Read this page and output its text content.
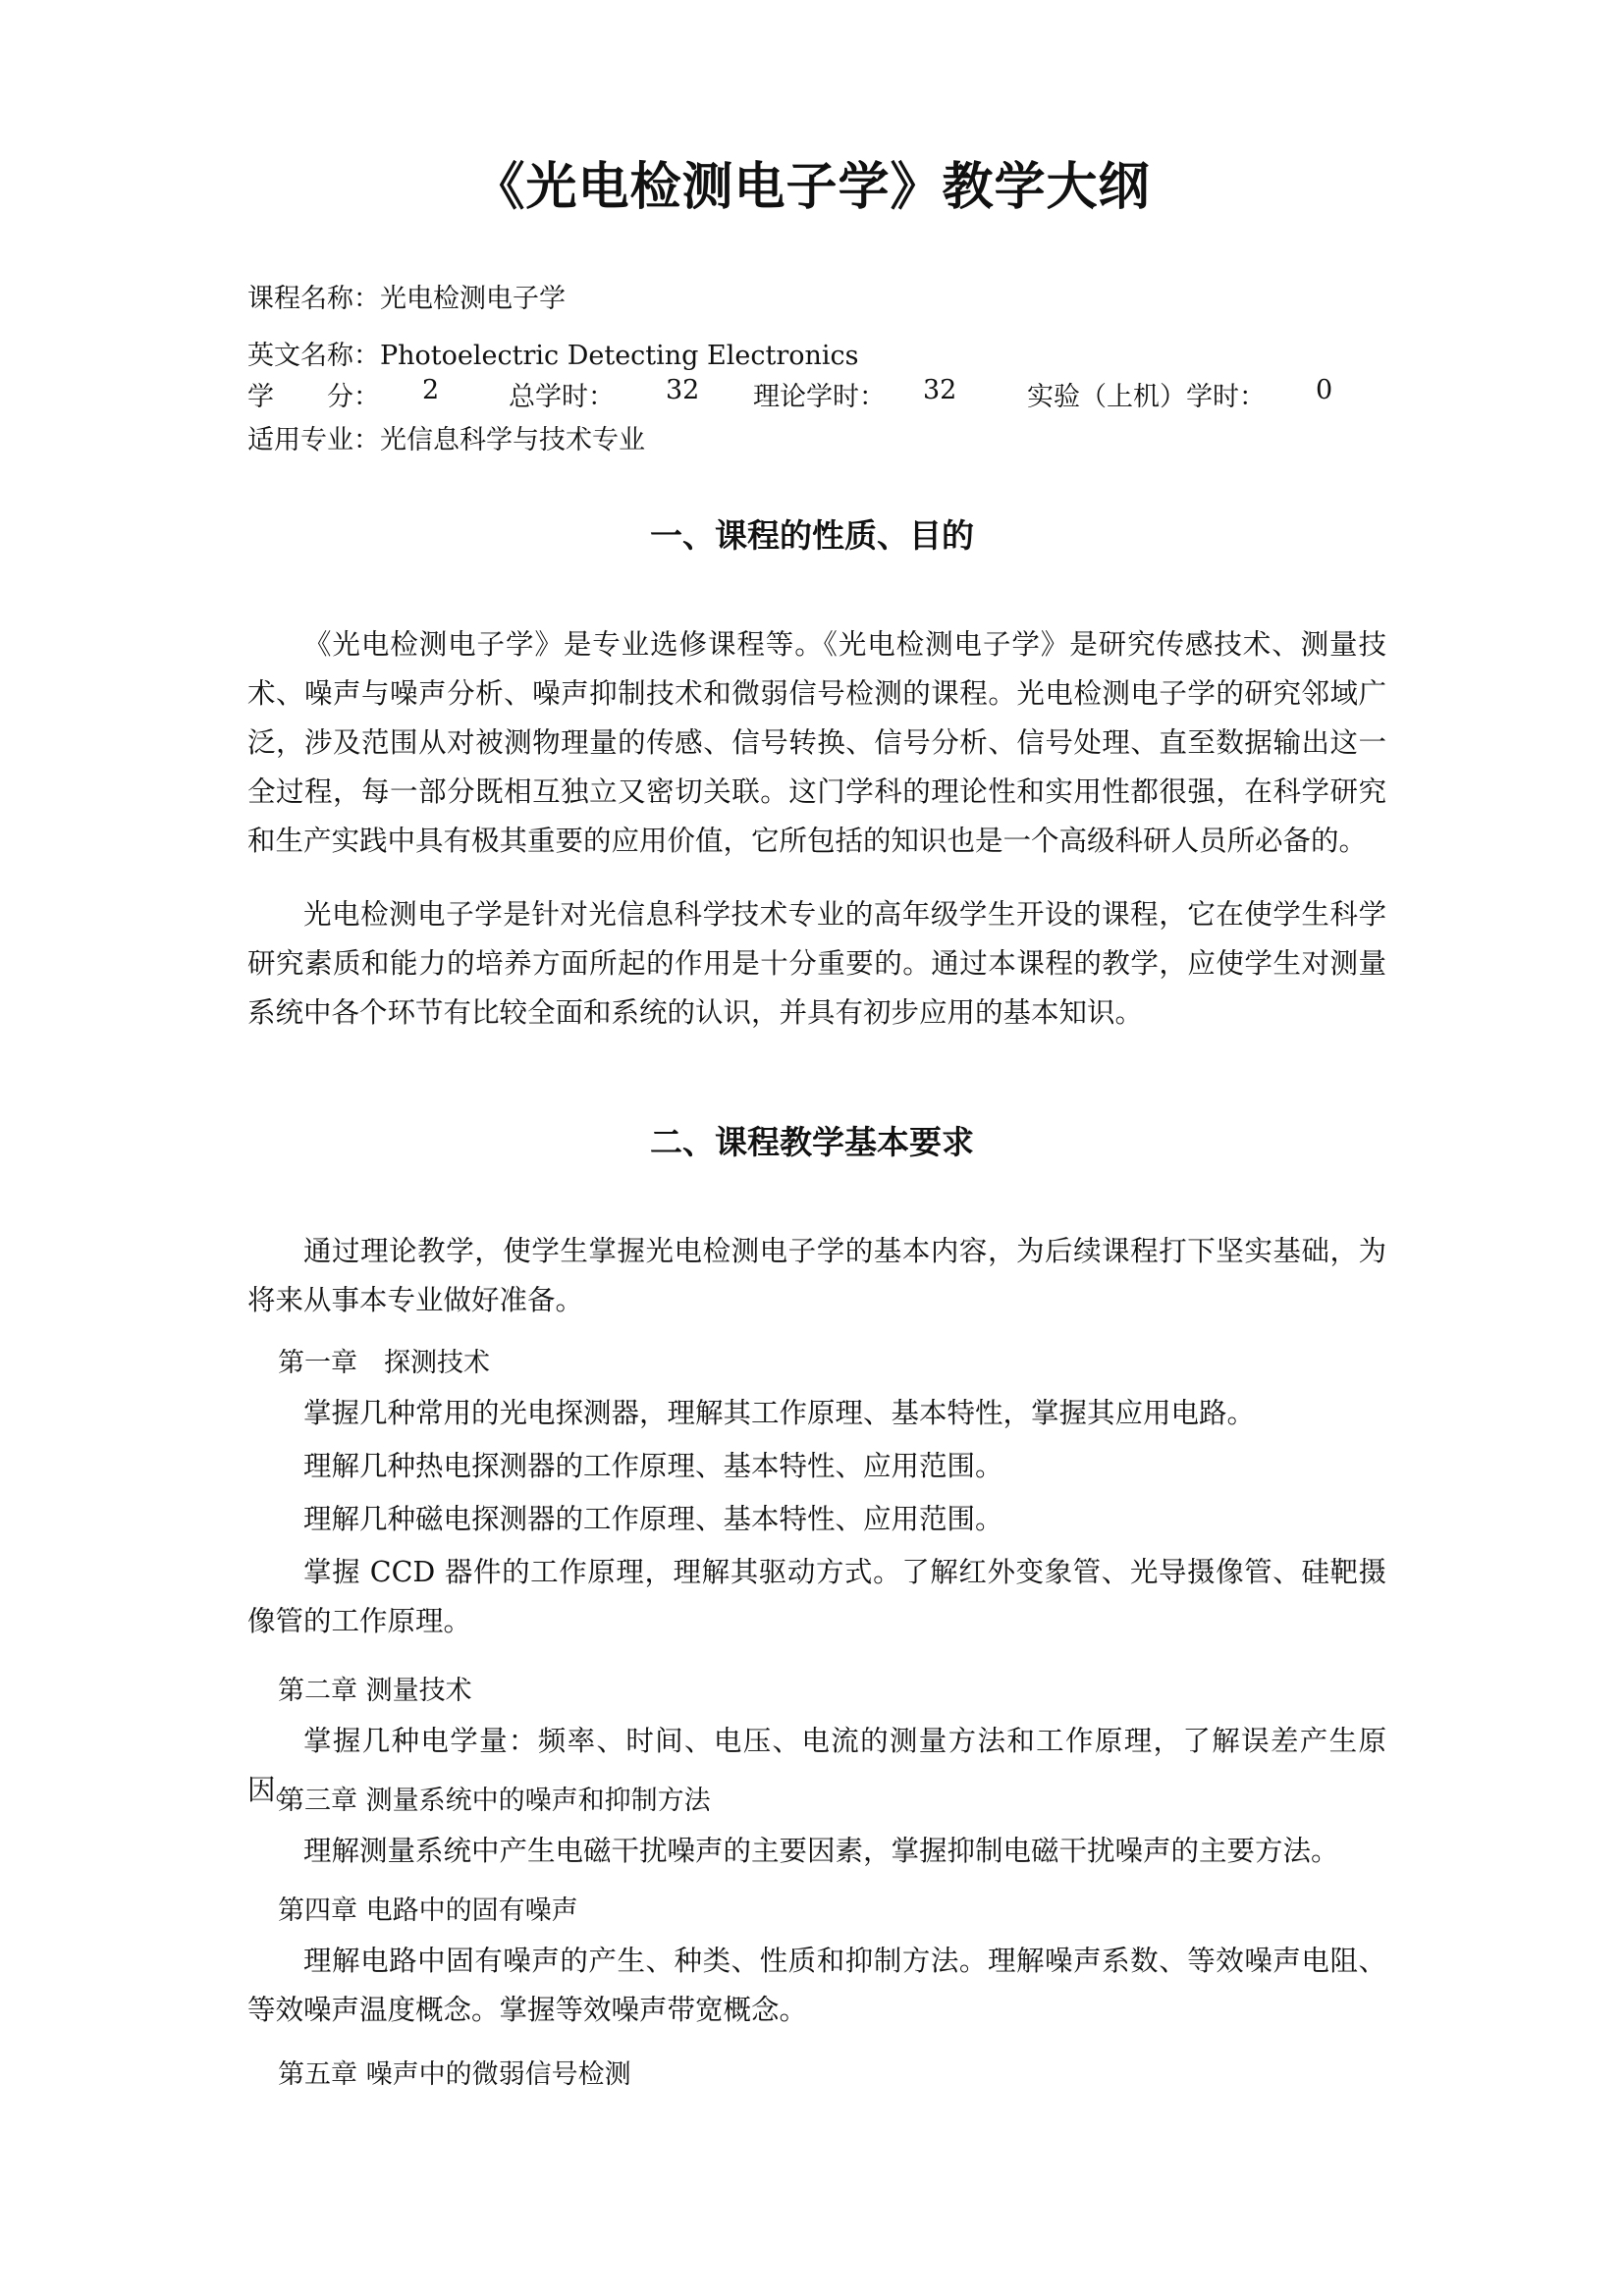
《光电检测电子学》教学大纲
课程名称：光电检测电子学
英文名称：Photoelectric Detecting Electronics
学　　分： 2	总学时： 32 理论学时： 32	实验（上机）学时： 0
适用专业：光信息科学与技术专业
一、课程的性质、目的

《光电检测电子学》是专业选修课程等。《光电检测电子学》是研究传感技术、测量技术、噪声与噪声分析、噪声抑制技术和微弱信号检测的课程。光电检测电子学的研究邻域广泛，涉及范围从对被测物理量的传感、信号转换、信号分析、信号处理、直至数据输出这一全过程，每一部分既相互独立又密切关联。这门学科的理论性和实用性都很强，在科学研究和生产实践中具有极其重要的应用价值，它所包括的知识也是一个高级科研人员所必备的。

光电检测电子学是针对光信息科学技术专业的高年级学生开设的课程，它在使学生科学研究素质和能力的培养方面所起的作用是十分重要的。通过本课程的教学，应使学生对测量系统中各个环节有比较全面和系统的认识，并具有初步应用的基本知识。

二、课程教学基本要求

通过理论教学，使学生掌握光电检测电子学的基本内容，为后续课程打下坚实基础，为将来从事本专业做好准备。

第一章　探测技术

掌握几种常用的光电探测器，理解其工作原理、基本特性，掌握其应用电路。

理解几种热电探测器的工作原理、基本特性、应用范围。

理解几种磁电探测器的工作原理、基本特性、应用范围。

掌握 CCD 器件的工作原理，理解其驱动方式。了解红外变象管、光导摄像管、硅靶摄像管的工作原理。

第二章 测量技术

掌握几种电学量：频率、时间、电压、电流的测量方法和工作原理，了解误差产生原因。

第三章 测量系统中的噪声和抑制方法

理解测量系统中产生电磁干扰噪声的主要因素，掌握抑制电磁干扰噪声的主要方法。

第四章 电路中的固有噪声

理解电路中固有噪声的产生、种类、性质和抑制方法。理解噪声系数、等效噪声电阻、等效噪声温度概念。掌握等效噪声带宽概念。

第五章 噪声中的微弱信号检测
